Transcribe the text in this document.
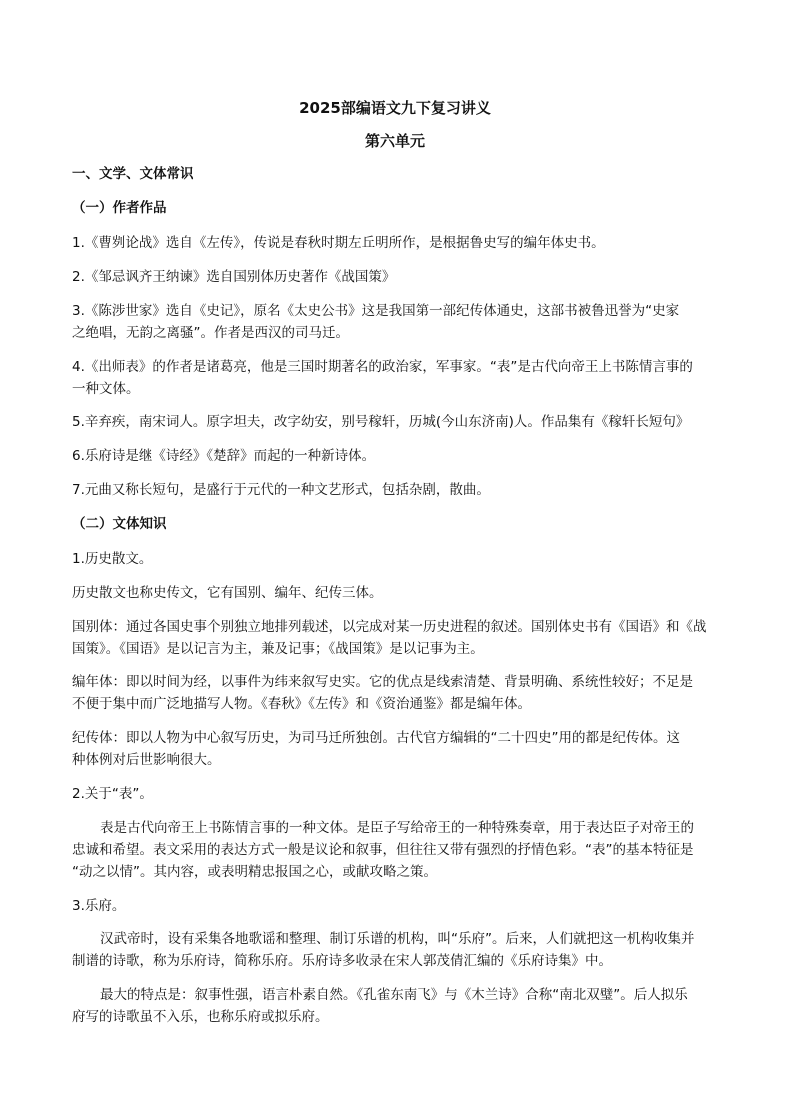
2025部编语文九下复习讲义
第六单元
一、文学、文体常识
（一）作者作品
1.《曹刿论战》选自《左传》，传说是春秋时期左丘明所作，是根据鲁史写的编年体史书。
2.《邹忌讽齐王纳谏》选自国别体历史著作《战国策》
3.《陈涉世家》选自《史记》，原名《太史公书》这是我国第一部纪传体通史，这部书被鲁迅誉为“史家
之绝唱，无韵之离骚”。作者是西汉的司马迁。
4.《出师表》的作者是诸葛亮，他是三国时期著名的政治家，军事家。“表”是古代向帝王上书陈情言事的
一种文体。
5.辛弃疾，南宋词人。原字坦夫，改字幼安，别号稼轩，历城(今山东济南)人。作品集有《稼轩长短句》
6.乐府诗是继《诗经》《楚辞》而起的一种新诗体。
7.元曲又称长短句，是盛行于元代的一种文艺形式，包括杂剧，散曲。
（二）文体知识
1.历史散文。
历史散文也称史传文，它有国别、编年、纪传三体。
国别体：通过各国史事个别独立地排列载述，以完成对某一历史进程的叙述。国别体史书有《国语》和《战
国策》。《国语》是以记言为主，兼及记事；《战国策》是以记事为主。
编年体：即以时间为经，以事件为纬来叙写史实。它的优点是线索清楚、背景明确、系统性较好；不足是
不便于集中而广泛地描写人物。《春秋》《左传》和《资治通鉴》都是编年体。
纪传体：即以人物为中心叙写历史，为司马迁所独创。古代官方编辑的“二十四史”用的都是纪传体。这
种体例对后世影响很大。
2.关于“表”。
表是古代向帝王上书陈情言事的一种文体。是臣子写给帝王的一种特殊奏章，用于表达臣子对帝王的
忠诚和希望。表文采用的表达方式一般是议论和叙事，但往往又带有强烈的抒情色彩。“表”的基本特征是
“动之以情”。其内容，或表明精忠报国之心，或献攻略之策。
3.乐府。
汉武帝时，设有采集各地歌谣和整理、制订乐谱的机构，叫“乐府”。后来，人们就把这一机构收集并
制谱的诗歌，称为乐府诗，简称乐府。乐府诗多收录在宋人郭茂倩汇编的《乐府诗集》中。
最大的特点是：叙事性强，语言朴素自然。《孔雀东南飞》与《木兰诗》合称“南北双璧”。后人拟乐
府写的诗歌虽不入乐，也称乐府或拟乐府。
